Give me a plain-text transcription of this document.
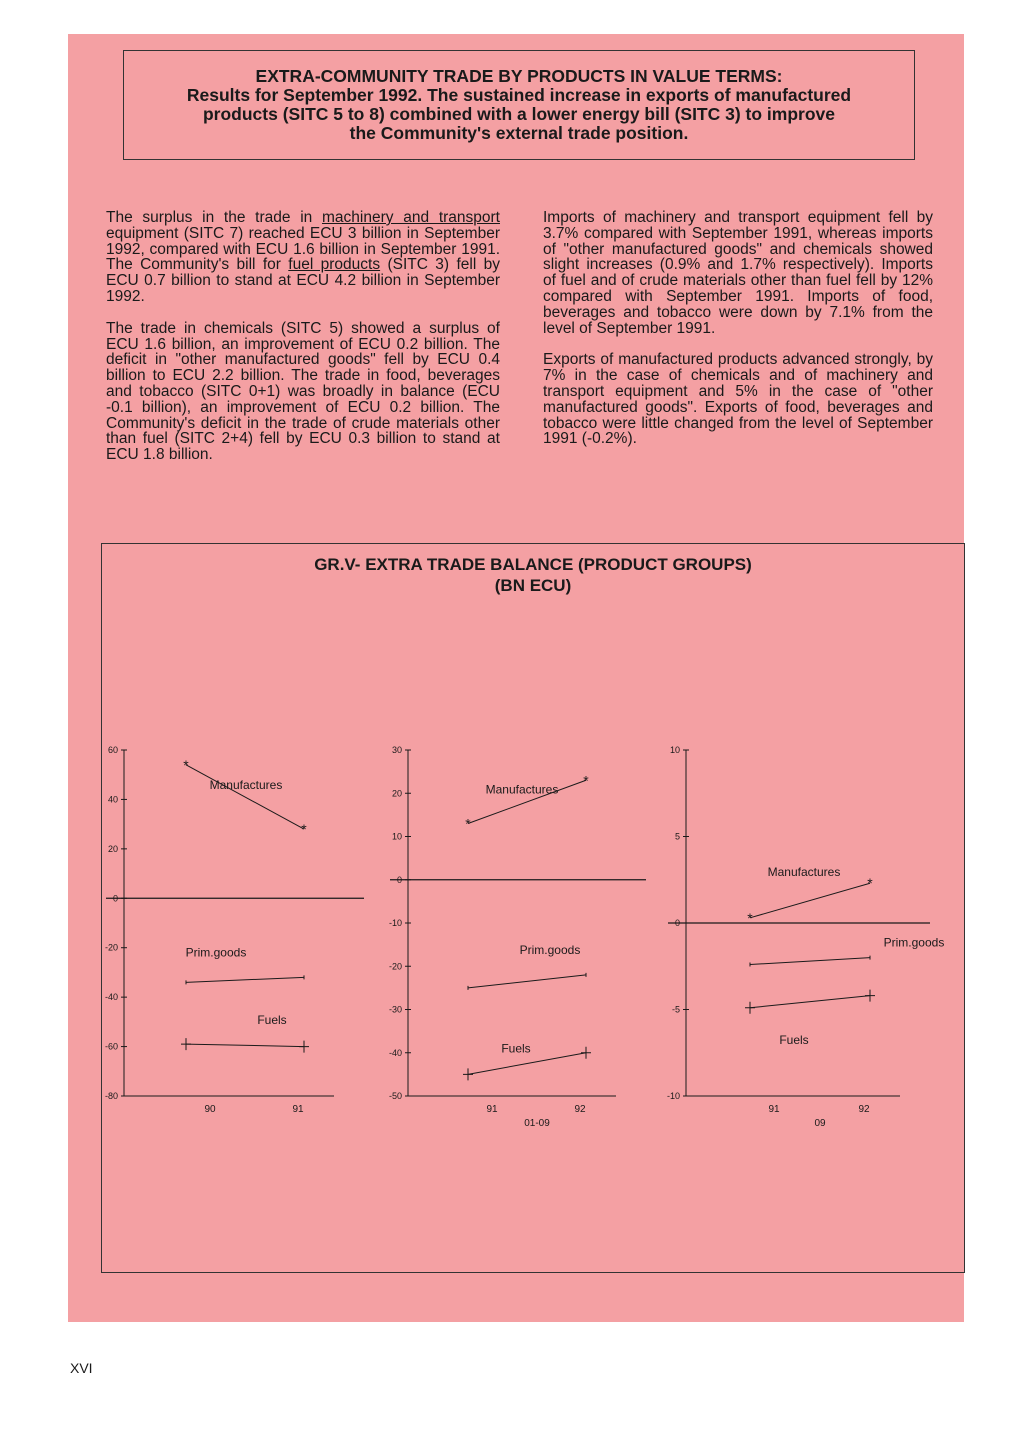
EXTRA-COMMUNITY TRADE BY PRODUCTS IN VALUE TERMS:
Results for September 1992. The sustained increase in exports of manufactured
products (SITC 5 to 8) combined with a lower energy bill (SITC 3) to improve
the Community's external trade position.

The surplus in the trade in machinery and transport equipment (SITC 7) reached ECU 3 billion in September 1992, compared with ECU 1.6 billion in September 1991. The Community's bill for fuel products (SITC 3) fell by ECU 0.7 billion to stand at ECU 4.2 billion in September 1992.

The trade in chemicals (SITC 5) showed a surplus of ECU 1.6 billion, an improvement of ECU 0.2 billion. The deficit in "other manufactured goods" fell by ECU 0.4 billion to ECU 2.2 billion. The trade in food, beverages and tobacco (SITC 0+1) was broadly in balance (ECU -0.1 billion), an improvement of ECU 0.2 billion. The Community's deficit in the trade of crude materials other than fuel (SITC 2+4) fell by ECU 0.3 billion to stand at ECU 1.8 billion.

Imports of machinery and transport equipment fell by 3.7% compared with September 1991, whereas imports of "other manufactured goods" and chemicals showed slight increases (0.9% and 1.7% respectively). Imports of fuel and of crude materials other than fuel fell by 12% compared with September 1991. Imports of food, beverages and tobacco were down by 7.1% from the level of September 1991.

Exports of manufactured products advanced strongly, by 7% in the case of chemicals and of machinery and transport equipment and 5% in the case of "other manufactured goods". Exports of food, beverages and tobacco were little changed from the level of September 1991 (-0.2%).

GR.V- EXTRA TRADE BALANCE (PRODUCT GROUPS)
(BN ECU)
60
40
20
0
-20
-40
-60
-80
90	91
*
*
Manufactures
Prim.goods
Fuels
30
20
10
0
-10
-20
-30
-40
-50
91	92
01-09
*
*
Manufactures
Prim.goods
Fuels
10
5
0
-5
-10
91	92
09
*
*
Manufactures
Prim.goods
Fuels
XVI
